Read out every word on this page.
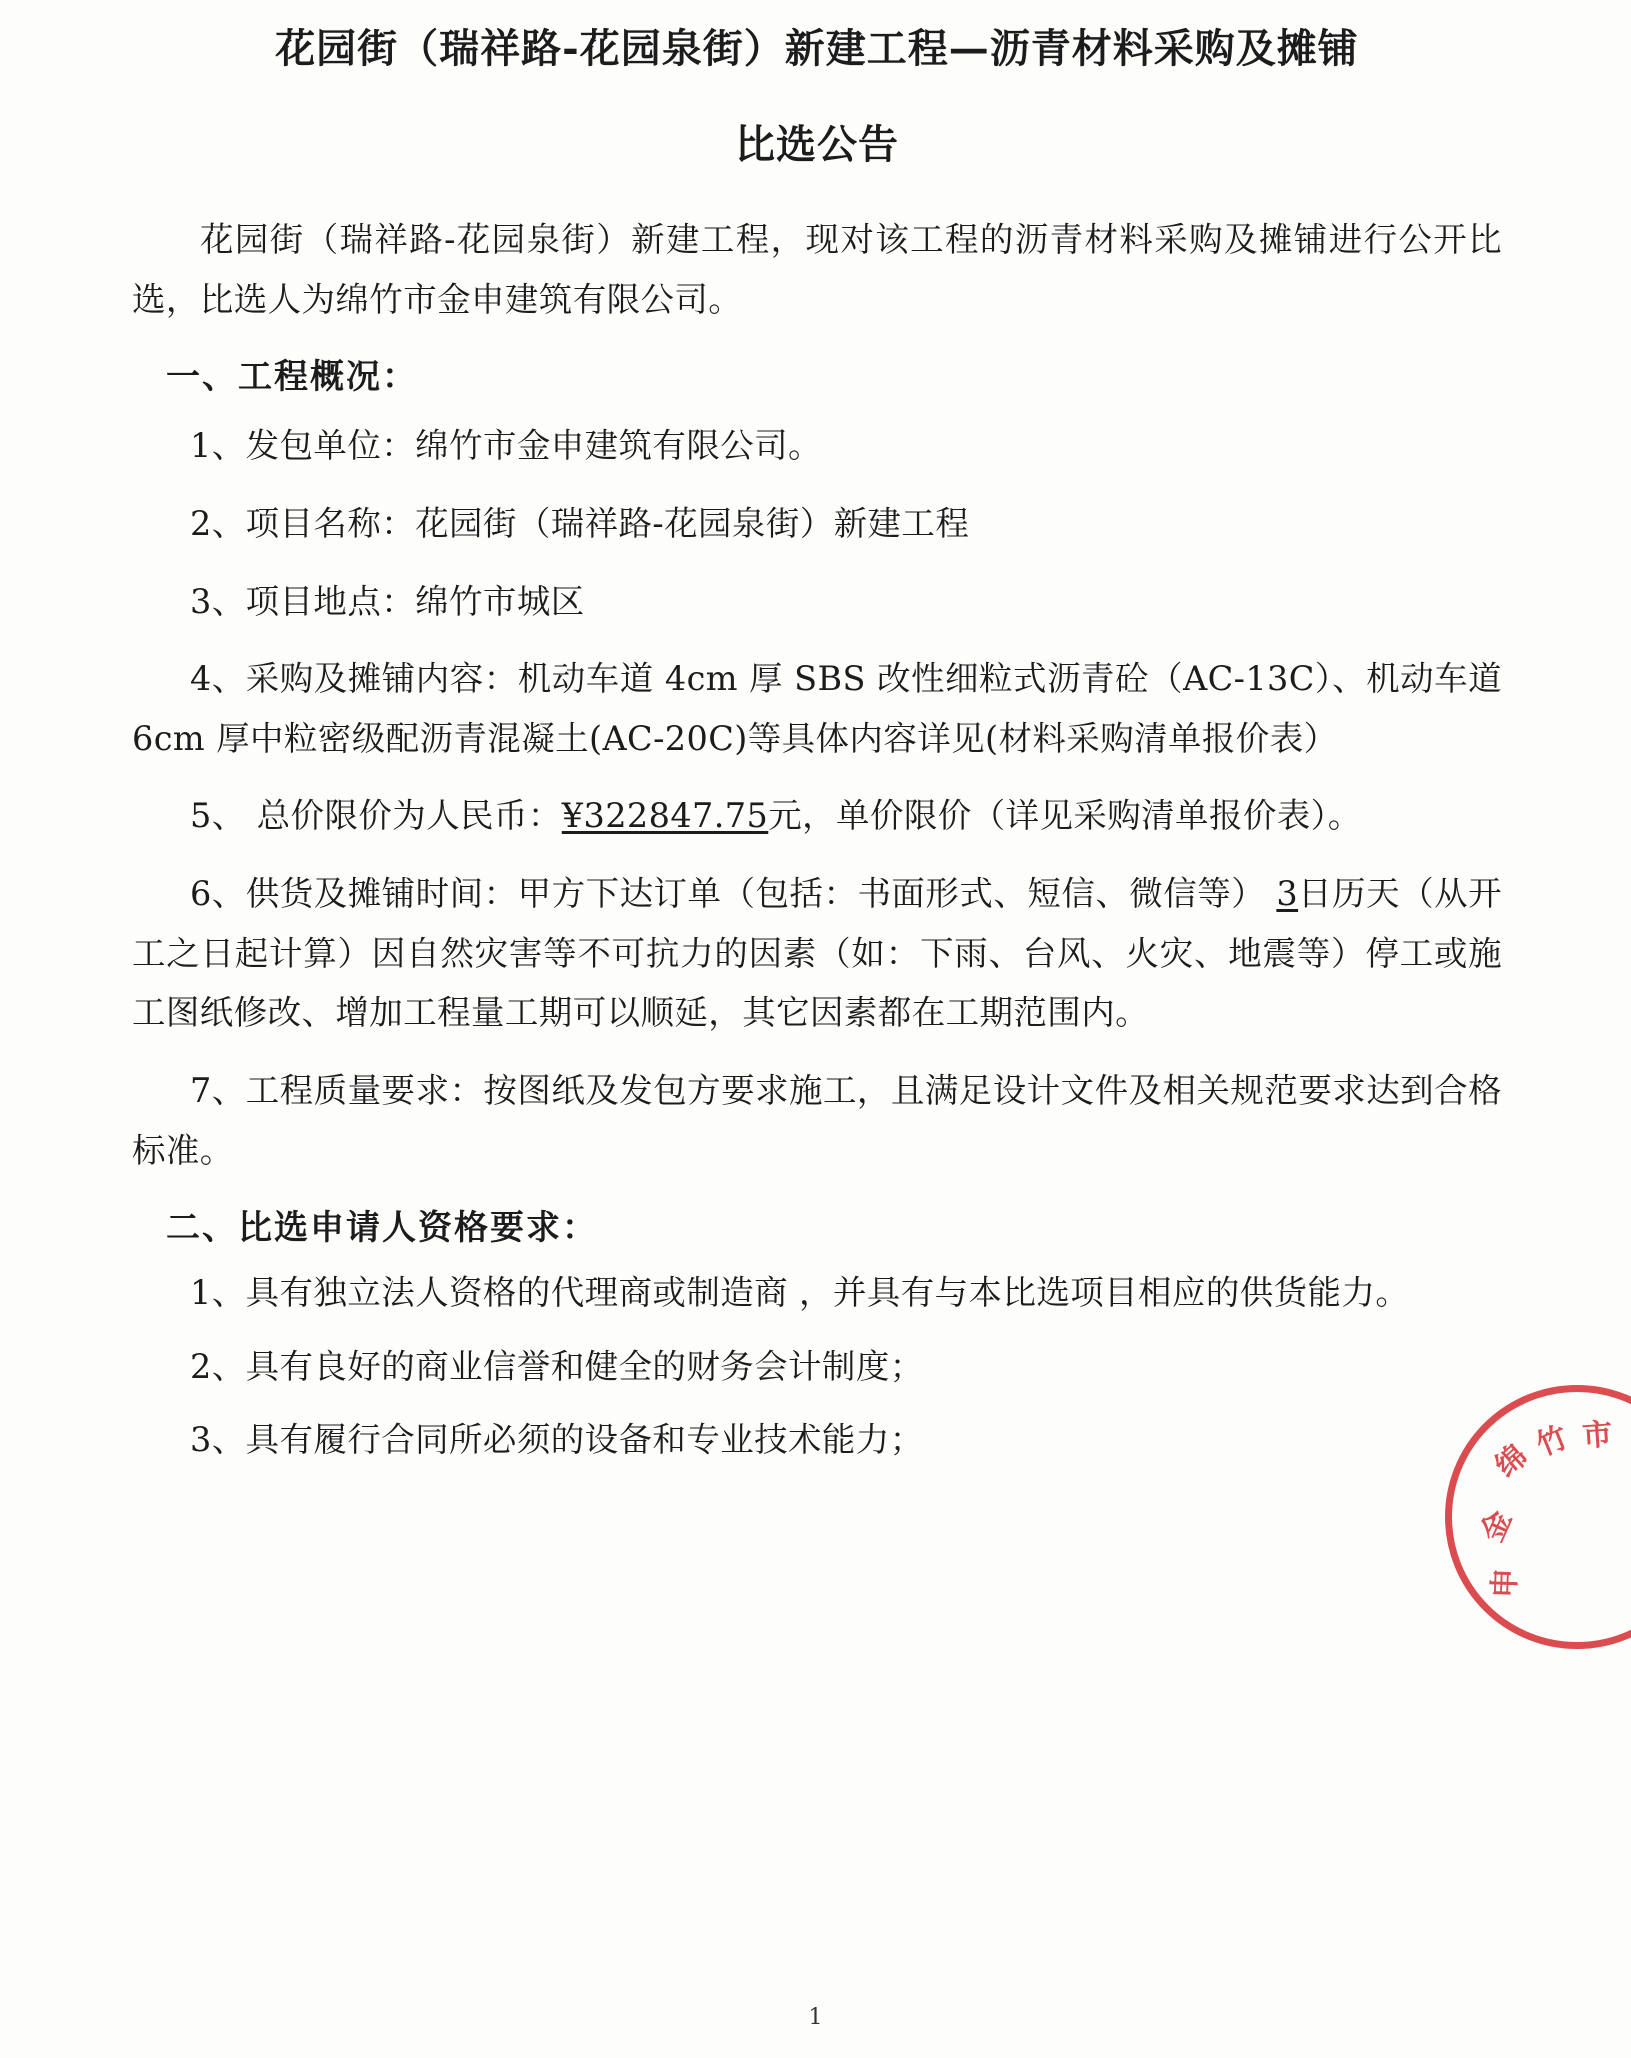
花园街（瑞祥路-花园泉街）新建工程—沥青材料采购及摊铺
比选公告

花园街（瑞祥路-花园泉街）新建工程，现对该工程的沥青材料采购及摊铺进行公开比选，比选人为绵竹市金申建筑有限公司。

一、工程概况：

1、发包单位：绵竹市金申建筑有限公司。

2、项目名称：花园街（瑞祥路-花园泉街）新建工程

3、项目地点：绵竹市城区

4、采购及摊铺内容：机动车道 4cm 厚 SBS 改性细粒式沥青砼（AC-13C）、机动车道 6cm 厚中粒密级配沥青混凝土(AC-20C)等具体内容详见(材料采购清单报价表）

5、 总价限价为人民币：¥322847.75元，单价限价（详见采购清单报价表）。

6、供货及摊铺时间：甲方下达订单（包括：书面形式、短信、微信等） 3日历天（从开工之日起计算）因自然灾害等不可抗力的因素（如：下雨、台风、火灾、地震等）停工或施工图纸修改、增加工程量工期可以顺延，其它因素都在工期范围内。

7、工程质量要求：按图纸及发包方要求施工，且满足设计文件及相关规范要求达到合格标准。

二、比选申请人资格要求：

1、具有独立法人资格的代理商或制造商 ，并具有与本比选项目相应的供货能力。

2、具有良好的商业信誉和健全的财务会计制度；

3、具有履行合同所必须的设备和专业技术能力；	绵
竹 市
金
申
1
